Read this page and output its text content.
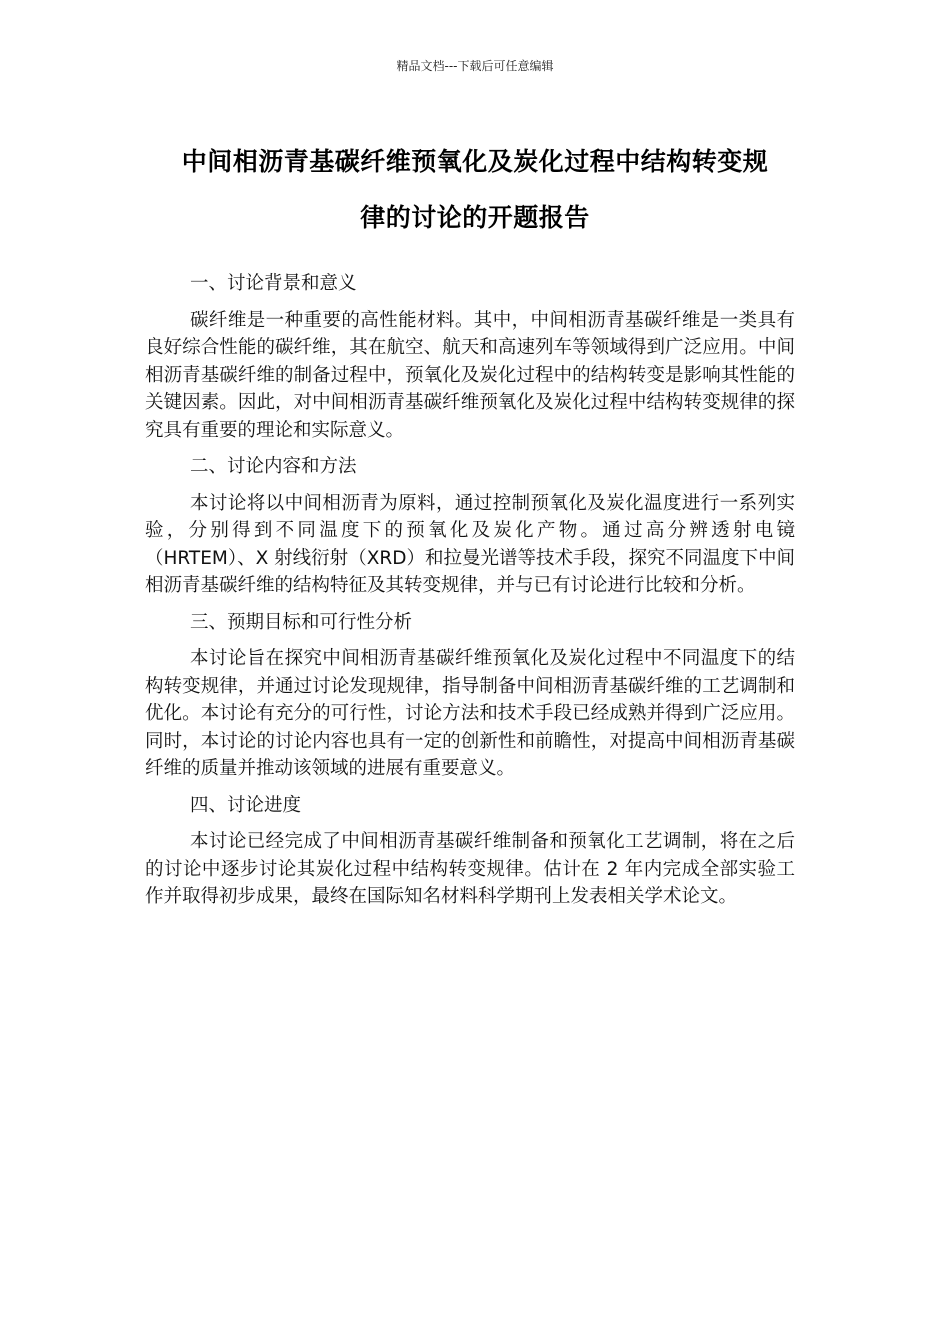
精品文档---下载后可任意编辑
中间相沥青基碳纤维预氧化及炭化过程中结构转变规
律的讨论的开题报告
一、讨论背景和意义
碳纤维是一种重要的高性能材料。其中，中间相沥青基碳纤维是一类具有良好综合性能的碳纤维，其在航空、航天和高速列车等领域得到广泛应用。中间相沥青基碳纤维的制备过程中，预氧化及炭化过程中的结构转变是影响其性能的关键因素。因此，对中间相沥青基碳纤维预氧化及炭化过程中结构转变规律的探究具有重要的理论和实际意义。
二、讨论内容和方法
本讨论将以中间相沥青为原料，通过控制预氧化及炭化温度进行一系列实验，分别得到不同温度下的预氧化及炭化产物。通过高分辨透射电镜（HRTEM）、X 射线衍射（XRD）和拉曼光谱等技术手段，探究不同温度下中间相沥青基碳纤维的结构特征及其转变规律，并与已有讨论进行比较和分析。
三、预期目标和可行性分析
本讨论旨在探究中间相沥青基碳纤维预氧化及炭化过程中不同温度下的结构转变规律，并通过讨论发现规律，指导制备中间相沥青基碳纤维的工艺调制和优化。本讨论有充分的可行性，讨论方法和技术手段已经成熟并得到广泛应用。同时，本讨论的讨论内容也具有一定的创新性和前瞻性，对提高中间相沥青基碳纤维的质量并推动该领域的进展有重要意义。
四、讨论进度
本讨论已经完成了中间相沥青基碳纤维制备和预氧化工艺调制，将在之后的讨论中逐步讨论其炭化过程中结构转变规律。估计在 2 年内完成全部实验工作并取得初步成果，最终在国际知名材料科学期刊上发表相关学术论文。
